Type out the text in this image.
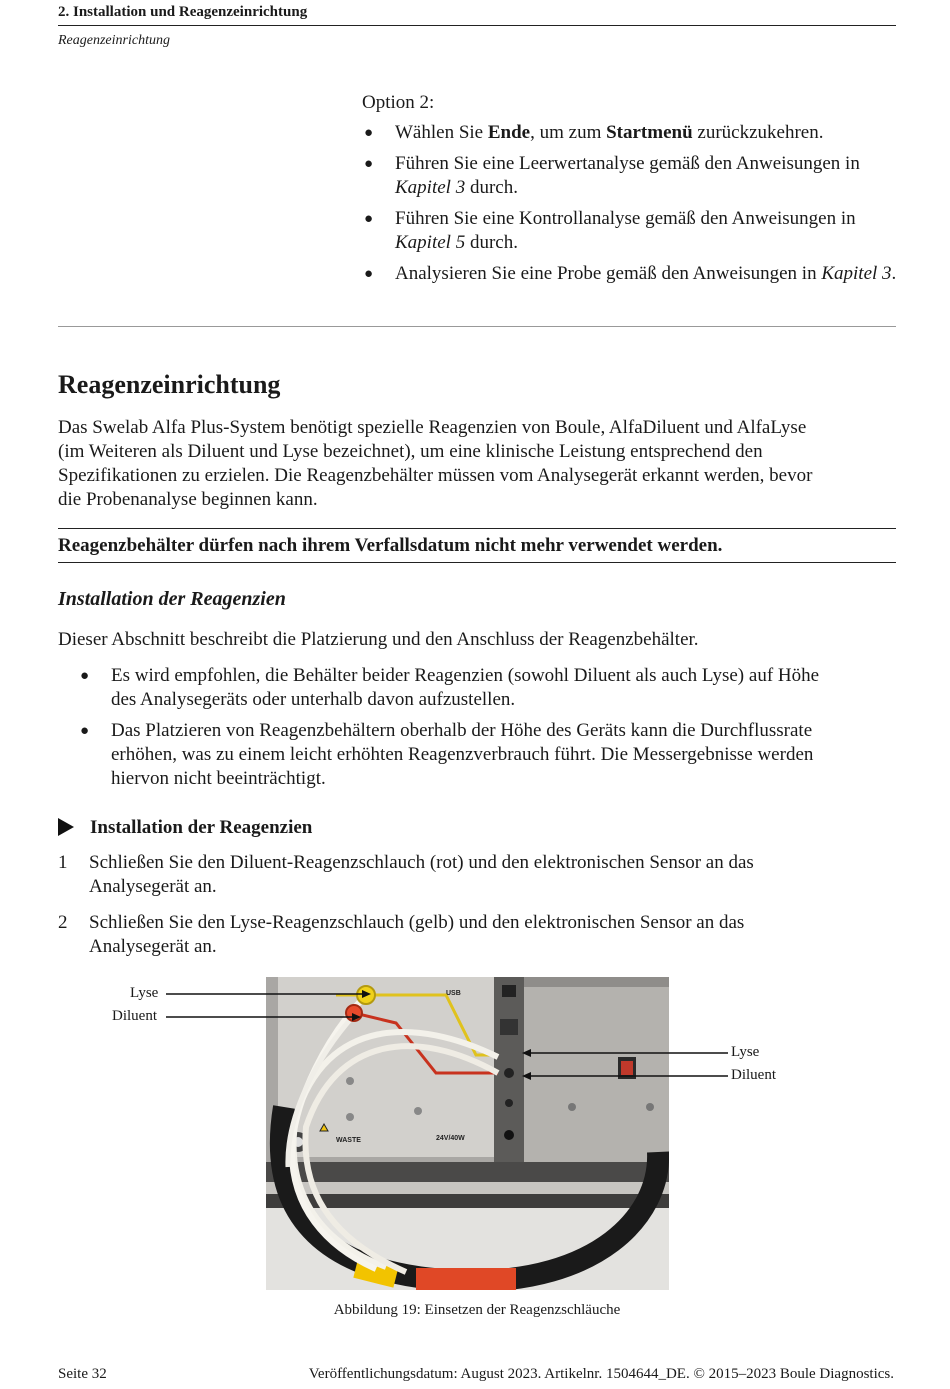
2. Installation und Reagenzeinrichtung
Reagenzeinrichtung
Option 2:
● Wählen Sie Ende, um zum Startmenü zurückzukehren.
● Führen Sie eine Leerwertanalyse gemäß den Anweisungen in Kapitel 3 durch.
● Führen Sie eine Kontrollanalyse gemäß den Anweisungen in Kapitel 5 durch.
● Analysieren Sie eine Probe gemäß den Anweisungen in Kapitel 3.
Reagenzeinrichtung
Das Swelab Alfa Plus-System benötigt spezielle Reagenzien von Boule, AlfaDiluent und AlfaLyse
(im Weiteren als Diluent und Lyse bezeichnet), um eine klinische Leistung entsprechend den
Spezifikationen zu erzielen. Die Reagenzbehälter müssen vom Analysegerät erkannt werden, bevor
die Probenanalyse beginnen kann.
Reagenzbehälter dürfen nach ihrem Verfallsdatum nicht mehr verwendet werden.
Installation der Reagenzien
Dieser Abschnitt beschreibt die Platzierung und den Anschluss der Reagenzbehälter.
● Es wird empfohlen, die Behälter beider Reagenzien (sowohl Diluent als auch Lyse) auf Höhe
des Analysegeräts oder unterhalb davon aufzustellen.
● Das Platzieren von Reagenzbehältern oberhalb der Höhe des Geräts kann die Durchflussrate
erhöhen, was zu einem leicht erhöhten Reagenzverbrauch führt. Die Messergebnisse werden
hiervon nicht beeinträchtigt.
Installation der Reagenzien
1 Schließen Sie den Diluent-Reagenzschlauch (rot) und den elektronischen Sensor an das
Analysegerät an.
2 Schließen Sie den Lyse-Reagenzschlauch (gelb) und den elektronischen Sensor an das
Analysegerät an.
USB
WASTE	24V/40W
Lyse
Diluent
Lyse
Diluent
Abbildung 19: Einsetzen der Reagenzschläuche
Seite 32	Veröffentlichungsdatum: August 2023. Artikelnr. 1504644_DE. © 2015–2023 Boule Diagnostics.
